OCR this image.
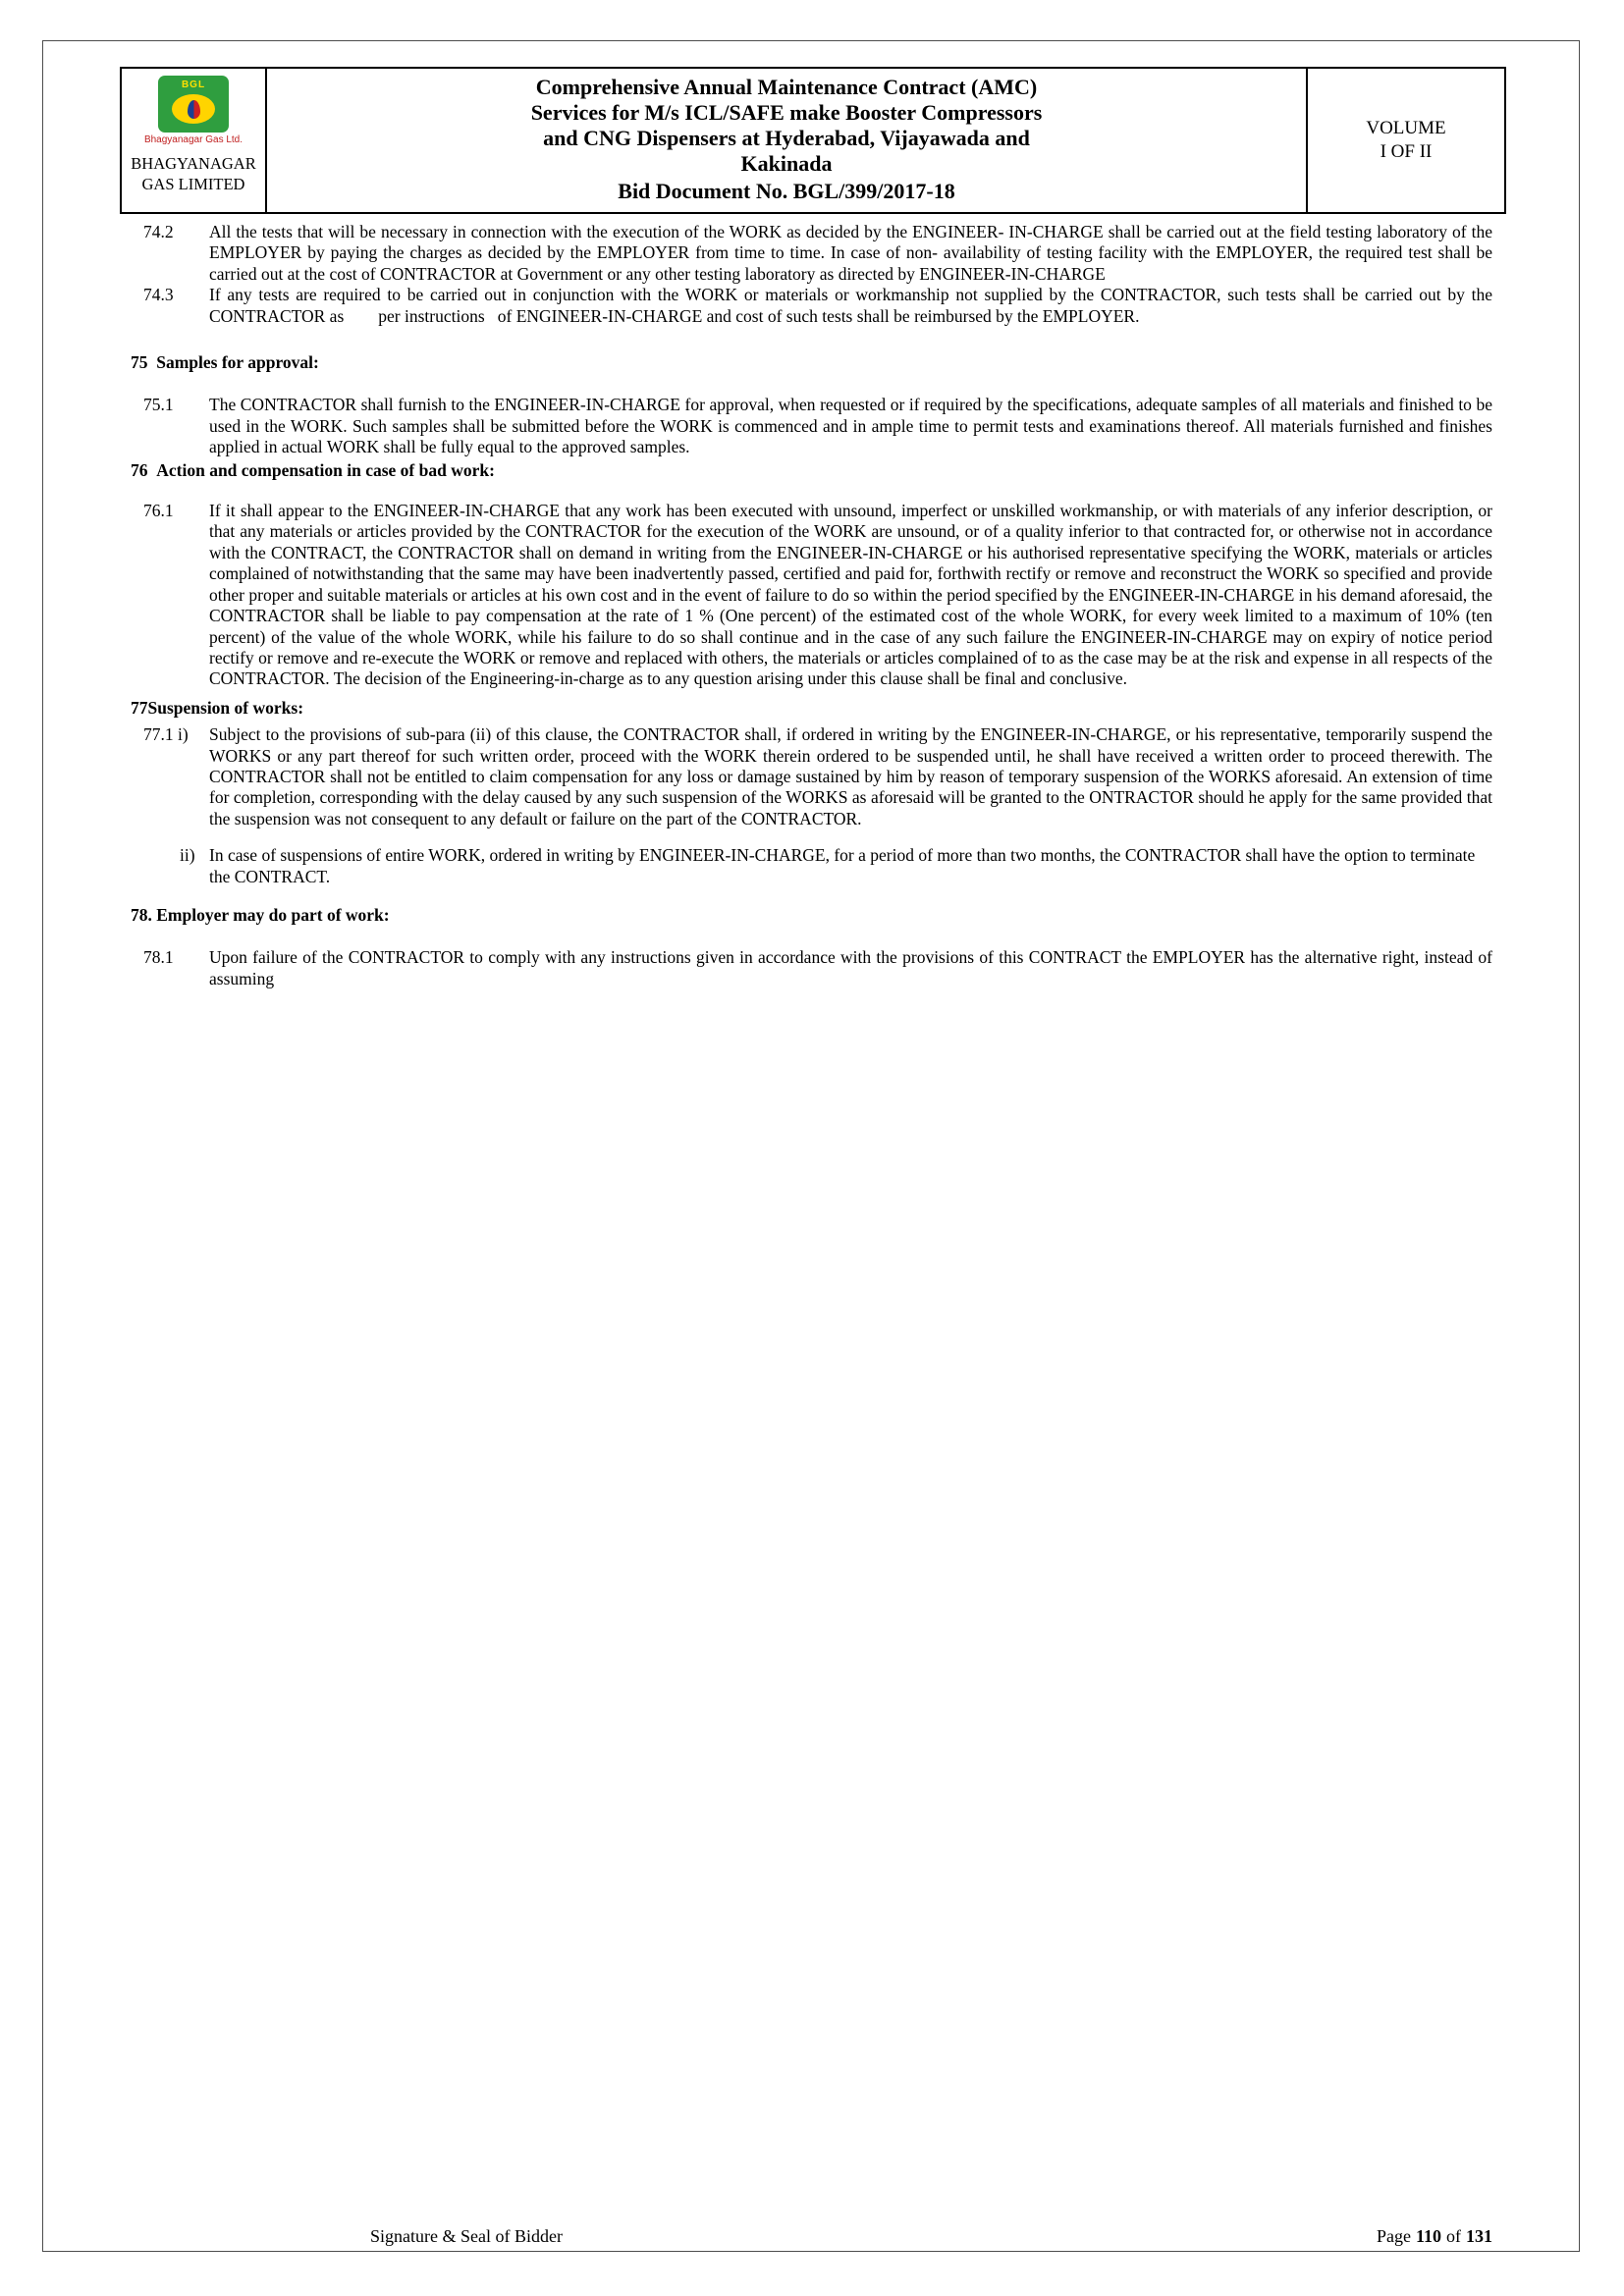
BGL
Bhagyanagar Gas Ltd.
BHAGYANAGAR
GAS LIMITED
Comprehensive Annual Maintenance Contract (AMC)
Services for M/s ICL/SAFE make Booster Compressors
and CNG Dispensers at Hyderabad, Vijayawada and
Kakinada
Bid Document No. BGL/399/2017-18
VOLUME
I OF II
74.2	All the tests that will be necessary in connection with the execution of the WORK as decided by the ENGINEER- IN-CHARGE shall be carried out at the field testing laboratory of the EMPLOYER by paying the charges as decided by the EMPLOYER from time to time. In case of non- availability of testing facility with the EMPLOYER, the required test shall be carried out at the cost of CONTRACTOR at Government or any other testing laboratory as directed by ENGINEER-IN-CHARGE
74.3	If any tests are required to be carried out in conjunction with the WORK or materials or workmanship not supplied by the CONTRACTOR, such tests shall be carried out by the CONTRACTOR as        per instructions   of ENGINEER-IN-CHARGE and cost of such tests shall be reimbursed by the EMPLOYER.
75  Samples for approval:
75.1	The CONTRACTOR shall furnish to the ENGINEER-IN-CHARGE for approval, when requested or if required by the specifications, adequate samples of all materials and finished to be used in the WORK. Such samples shall be submitted before the WORK is commenced and in ample time to permit tests and examinations thereof. All materials furnished and finishes applied in actual WORK shall be fully equal to the approved samples.
76  Action and compensation in case of bad work:
76.1	If it shall appear to the ENGINEER-IN-CHARGE that any work has been executed with unsound, imperfect or unskilled workmanship, or with materials of any inferior description, or that any materials or articles provided by the CONTRACTOR for the execution of the WORK are unsound, or of a quality inferior to that contracted for, or otherwise not in accordance with the CONTRACT, the CONTRACTOR shall on demand in writing from the ENGINEER-IN-CHARGE or his authorised representative specifying the WORK, materials or articles complained of notwithstanding that the same may have been inadvertently passed, certified and paid for, forthwith rectify or remove and reconstruct the WORK so specified and provide other proper and suitable materials or articles at his own cost and in the event of failure to do so within the period specified by the ENGINEER-IN-CHARGE in his demand aforesaid, the CONTRACTOR shall be liable to pay compensation at the rate of 1 % (One percent) of the estimated cost of the whole WORK, for every week limited to a maximum of 10% (ten percent) of the value of the whole WORK, while his failure to do so shall continue and in the case of any such failure the ENGINEER-IN-CHARGE may on expiry of notice period rectify or remove and re-execute the WORK or remove and replaced with others, the materials or articles complained of to as the case may be at the risk and expense in all respects of the CONTRACTOR. The decision of the Engineering-in-charge as to any question arising under this clause shall be final and conclusive.
77Suspension of works:
77.1 i)	Subject to the provisions of sub-para (ii) of this clause, the CONTRACTOR shall, if ordered in writing by the ENGINEER-IN-CHARGE, or his representative, temporarily suspend the WORKS or any part thereof for such written order, proceed with the WORK therein ordered to be suspended until, he shall have received a written order to proceed therewith. The CONTRACTOR shall not be entitled to claim compensation for any loss or damage sustained by him by reason of temporary suspension of the WORKS aforesaid. An extension of time for completion, corresponding with the delay caused by any such suspension of the WORKS as aforesaid will be granted to the ONTRACTOR should he apply for the same provided that the suspension was not consequent to any default or failure on the part of the CONTRACTOR.
ii) In case of suspensions of entire WORK, ordered in writing by ENGINEER-IN-CHARGE, for a period of more than two months, the CONTRACTOR shall have the option to terminate the CONTRACT.
78. Employer may do part of work:
78.1	Upon failure of the CONTRACTOR to comply with any instructions given in accordance with the provisions of this CONTRACT the EMPLOYER has the alternative right, instead of assuming
Signature & Seal of Bidder	Page 110 of 131
